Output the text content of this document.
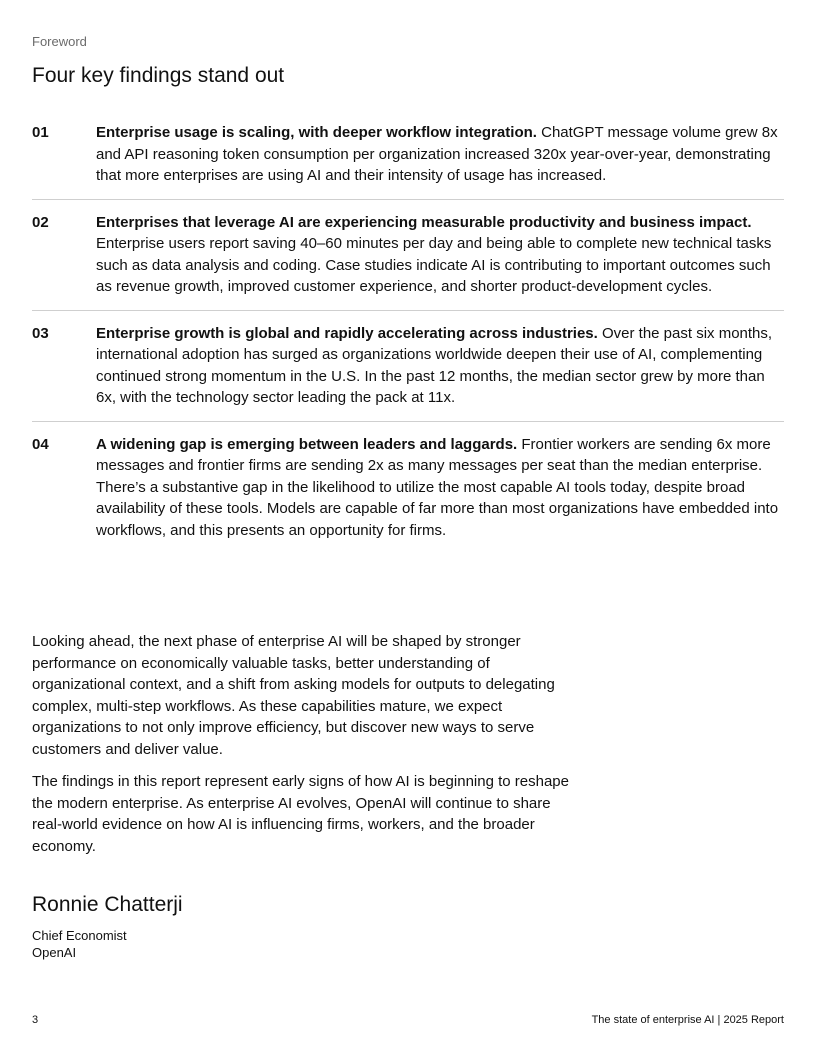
Foreword
Four key findings stand out
01	Enterprise usage is scaling, with deeper workflow integration. ChatGPT message volume grew 8x and API reasoning token consumption per organization increased 320x year-over-year, demonstrating that more enterprises are using AI and their intensity of usage has increased.
02	Enterprises that leverage AI are experiencing measurable productivity and business impact. Enterprise users report saving 40–60 minutes per day and being able to complete new technical tasks such as data analysis and coding. Case studies indicate AI is contributing to important outcomes such as revenue growth, improved customer experience, and shorter product-development cycles.
03	Enterprise growth is global and rapidly accelerating across industries. Over the past six months, international adoption has surged as organizations worldwide deepen their use of AI, complementing continued strong momentum in the U.S. In the past 12 months, the median sector grew by more than 6x, with the technology sector leading the pack at 11x.
04	A widening gap is emerging between leaders and laggards. Frontier workers are sending 6x more messages and frontier firms are sending 2x as many messages per seat than the median enterprise. There’s a substantive gap in the likelihood to utilize the most capable AI tools today, despite broad availability of these tools. Models are capable of far more than most organizations have embedded into workflows, and this presents an opportunity for firms.

Looking ahead, the next phase of enterprise AI will be shaped by stronger performance on economically valuable tasks, better understanding of organizational context, and a shift from asking models for outputs to delegating complex, multi-step workflows. As these capabilities mature, we expect organizations to not only improve efficiency, but discover new ways to serve customers and deliver value.

The findings in this report represent early signs of how AI is beginning to reshape the modern enterprise. As enterprise AI evolves, OpenAI will continue to share real-world evidence on how AI is influencing firms, workers, and the broader economy.

Ronnie Chatterji
Chief Economist
OpenAI
3	The state of enterprise AI | 2025 Report
